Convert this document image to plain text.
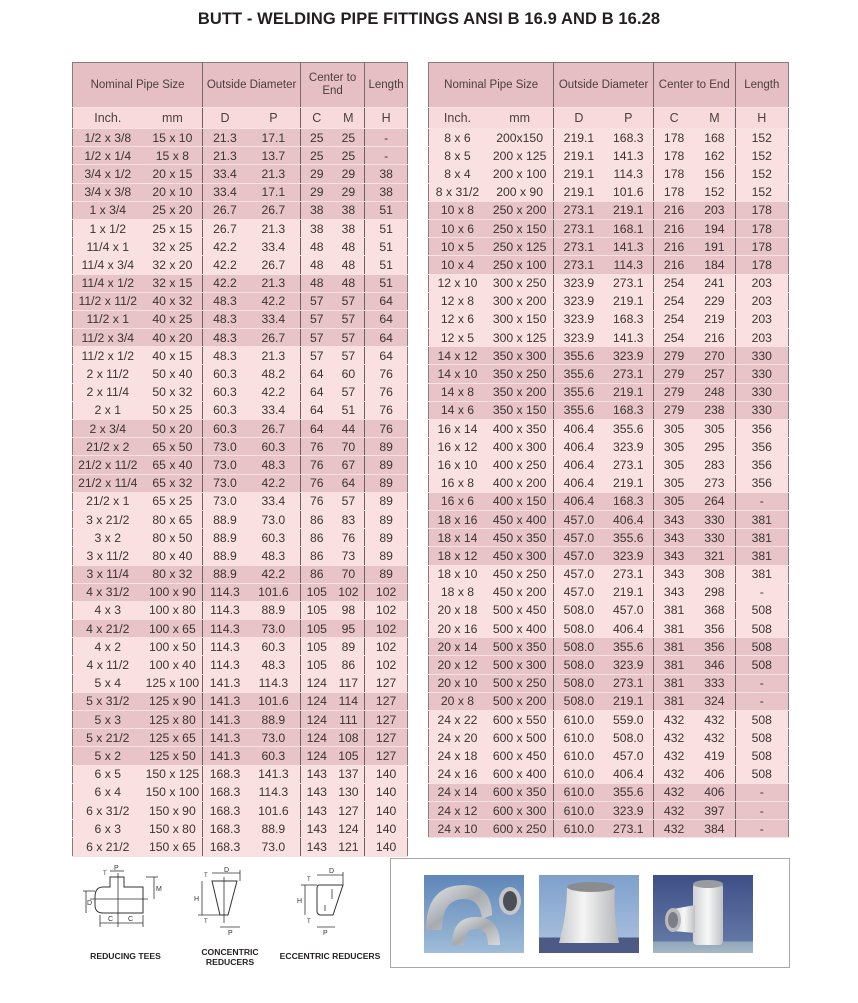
BUTT - WELDING PIPE FITTINGS ANSI B 16.9 AND B 16.28
Nominal Pipe Size		Outside Diameter		Center to End		Length
Inch.	mm	D	P	C	M	H
1/2 x 3/8	15 x 10	21.3	17.1	25	25	-
1/2 x 1/4	15 x 8	21.3	13.7	25	25	-
3/4 x 1/2	20 x 15	33.4	21.3	29	29	38
3/4 x 3/8	20 x 10	33.4	17.1	29	29	38
1 x 3/4	25 x 20	26.7	26.7	38	38	51
1 x 1/2	25 x 15	26.7	21.3	38	38	51
11/4 x 1	32 x 25	42.2	33.4	48	48	51
11/4 x 3/4	32 x 20	42.2	26.7	48	48	51
11/4 x 1/2	32 x 15	42.2	21.3	48	48	51
11/2 x 11/2	40 x 32	48.3	42.2	57	57	64
11/2 x 1	40 x 25	48.3	33.4	57	57	64
11/2 x 3/4	40 x 20	48.3	26.7	57	57	64
11/2 x 1/2	40 x 15	48.3	21.3	57	57	64
2 x 11/2	50 x 40	60.3	48.2	64	60	76
2 x 11/4	50 x 32	60.3	42.2	64	57	76
2 x 1	50 x 25	60.3	33.4	64	51	76
2 x 3/4	50 x 20	60.3	26.7	64	44	76
21/2 x 2	65 x 50	73.0	60.3	76	70	89
21/2 x 11/2	65 x 40	73.0	48.3	76	67	89
21/2 x 11/4	65 x 32	73.0	42.2	76	64	89
21/2 x 1	65 x 25	73.0	33.4	76	57	89
3 x 21/2	80 x 65	88.9	73.0	86	83	89
3 x 2	80 x 50	88.9	60.3	86	76	89
3 x 11/2	80 x 40	88.9	48.3	86	73	89
3 x 11/4	80 x 32	88.9	42.2	86	70	89
4 x 31/2	100 x 90	114.3	101.6	105	102	102
4 x 3	100 x 80	114.3	88.9	105	98	102
4 x 21/2	100 x 65	114.3	73.0	105	95	102
4 x 2	100 x 50	114.3	60.3	105	89	102
4 x 11/2	100 x 40	114.3	48.3	105	86	102
5 x 4	125 x 100	141.3	114.3	124	117	127
5 x 31/2	125 x 90	141.3	101.6	124	114	127
5 x 3	125 x 80	141.3	88.9	124	111	127
5 x 21/2	125 x 65	141.3	73.0	124	108	127
5 x 2	125 x 50	141.3	60.3	124	105	127
6 x 5	150 x 125	168.3	141.3	143	137	140
6 x 4	150 x 100	168.3	114.3	143	130	140
6 x 31/2	150 x 90	168.3	101.6	143	127	140
6 x 3	150 x 80	168.3	88.9	143	124	140
6 x 21/2	150 x 65	168.3	73.0	143	121	140
Nominal Pipe Size		Outside Diameter		Center to End		Length
Inch.	mm	D	P	C	M	H
8 x 6	200x150	219.1	168.3	178	168	152
8 x 5	200 x 125	219.1	141.3	178	162	152
8 x 4	200 x 100	219.1	114.3	178	156	152
8 x 31/2	200 x 90	219.1	101.6	178	152	152
10 x 8	250 x 200	273.1	219.1	216	203	178
10 x 6	250 x 150	273.1	168.1	216	194	178
10 x 5	250 x 125	273.1	141.3	216	191	178
10 x 4	250 x 100	273.1	114.3	216	184	178
12 x 10	300 x 250	323.9	273.1	254	241	203
12 x 8	300 x 200	323.9	219.1	254	229	203
12 x 6	300 x 150	323.9	168.3	254	219	203
12 x 5	300 x 125	323.9	141.3	254	216	203
14 x 12	350 x 300	355.6	323.9	279	270	330
14 x 10	350 x 250	355.6	273.1	279	257	330
14 x 8	350 x 200	355.6	219.1	279	248	330
14 x 6	350 x 150	355.6	168.3	279	238	330
16 x 14	400 x 350	406.4	355.6	305	305	356
16 x 12	400 x 300	406.4	323.9	305	295	356
16 x 10	400 x 250	406.4	273.1	305	283	356
16 x 8	400 x 200	406.4	219.1	305	273	356
16 x 6	400 x 150	406.4	168.3	305	264	-
18 x 16	450 x 400	457.0	406.4	343	330	381
18 x 14	450 x 350	457.0	355.6	343	330	381
18 x 12	450 x 300	457.0	323.9	343	321	381
18 x 10	450 x 250	457.0	273.1	343	308	381
18 x 8	450 x 200	457.0	219.1	343	298	-
20 x 18	500 x 450	508.0	457.0	381	368	508
20 x 16	500 x 400	508.0	406.4	381	356	508
20 x 14	500 x 350	508.0	355.6	381	356	508
20 x 12	500 x 300	508.0	323.9	381	346	508
20 x 10	500 x 250	508.0	273.1	381	333	-
20 x 8	500 x 200	508.0	219.1	381	324	-
24 x 22	600 x 550	610.0	559.0	432	432	508
24 x 20	600 x 500	610.0	508.0	432	432	508
24 x 18	600 x 450	610.0	457.0	432	419	508
24 x 16	600 x 400	610.0	406.4	432	406	508
24 x 14	600 x 350	610.0	355.6	432	406	-
24 x 12	600 x 300	610.0	323.9	432	397	-
24 x 10	600 x 250	610.0	273.1	432	384	-
P
D
M
C C
T
REDUCING TEES
D
H
P
T
T
CONCENTRIC
REDUCERS
D
H
P
T
T
ECCENTRIC REDUCERS
